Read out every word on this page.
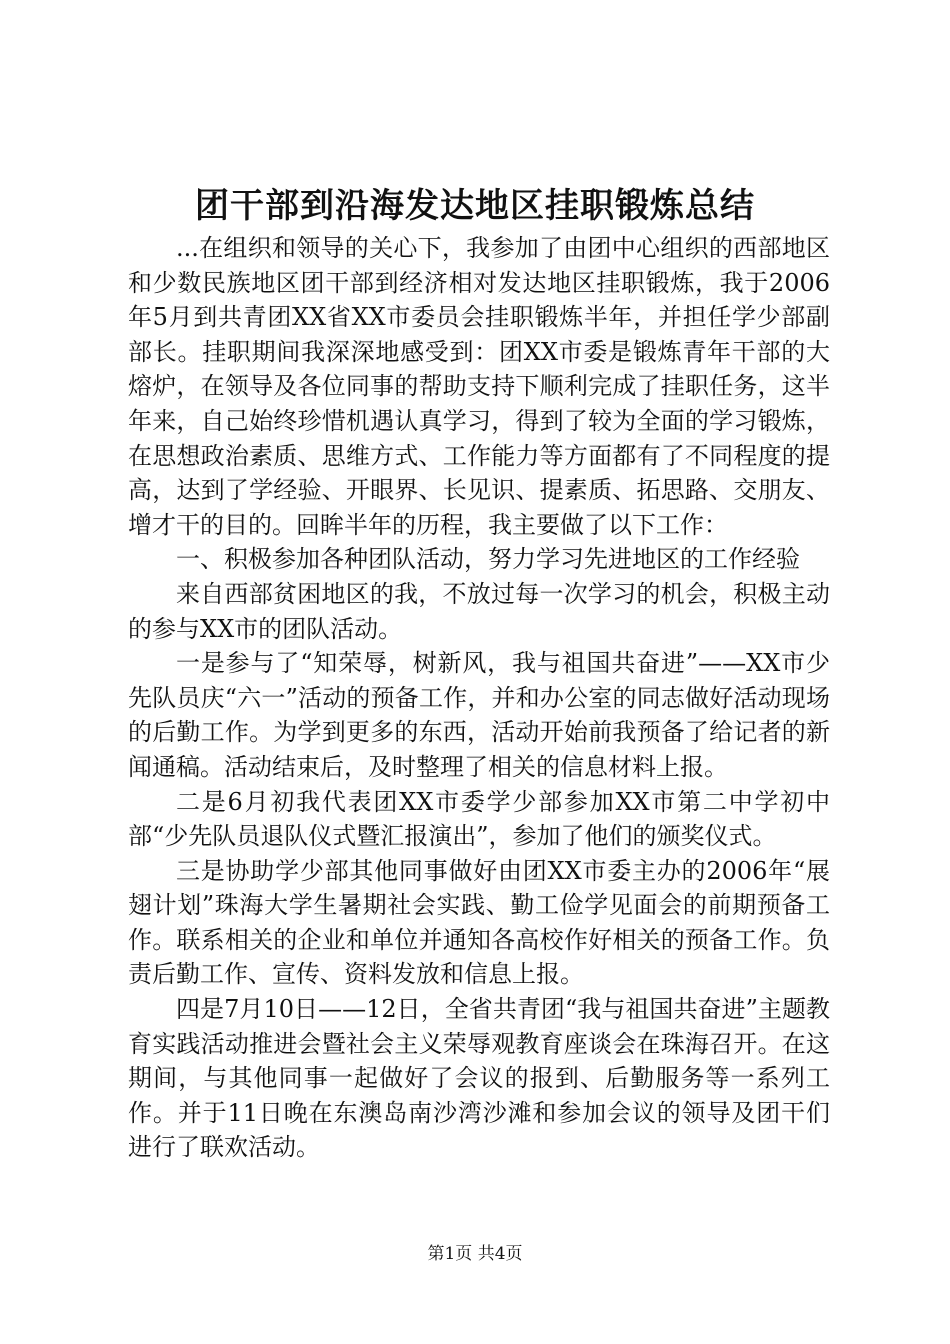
团干部到沿海发达地区挂职锻炼总结

...在组织和领导的关心下，我参加了由团中心组织的西部地区和少数民族地区团干部到经济相对发达地区挂职锻炼，我于2006年5月到共青团XX省XX市委员会挂职锻炼半年，并担任学少部副部长。挂职期间我深深地感受到：团XX市委是锻炼青年干部的大熔炉，在领导及各位同事的帮助支持下顺利完成了挂职任务，这半年来，自己始终珍惜机遇认真学习，得到了较为全面的学习锻炼，在思想政治素质、思维方式、工作能力等方面都有了不同程度的提高，达到了学经验、开眼界、长见识、提素质、拓思路、交朋友、增才干的目的。回眸半年的历程，我主要做了以下工作：

一、积极参加各种团队活动，努力学习先进地区的工作经验

来自西部贫困地区的我，不放过每一次学习的机会，积极主动的参与XX市的团队活动。

一是参与了“知荣辱，树新风，我与祖国共奋进”——XX市少先队员庆“六一”活动的预备工作，并和办公室的同志做好活动现场的后勤工作。为学到更多的东西，活动开始前我预备了给记者的新闻通稿。活动结束后，及时整理了相关的信息材料上报。

二是6月初我代表团XX市委学少部参加XX市第二中学初中部“少先队员退队仪式暨汇报演出”，参加了他们的颁奖仪式。

三是协助学少部其他同事做好由团XX市委主办的2006年“展翅计划”珠海大学生暑期社会实践、勤工俭学见面会的前期预备工作。联系相关的企业和单位并通知各高校作好相关的预备工作。负责后勤工作、宣传、资料发放和信息上报。

四是7月10日——12日，全省共青团“我与祖国共奋进”主题教育实践活动推进会暨社会主义荣辱观教育座谈会在珠海召开。在这期间，与其他同事一起做好了会议的报到、后勤服务等一系列工作。并于11日晚在东澳岛南沙湾沙滩和参加会议的领导及团干们进行了联欢活动。

第1页 共4页
